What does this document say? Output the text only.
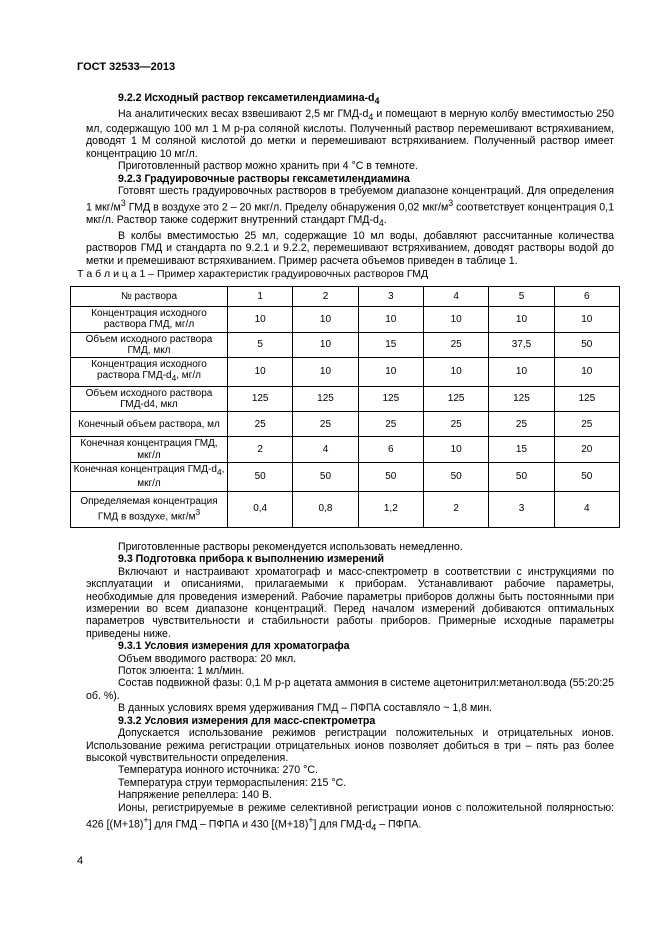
ГОСТ 32533—2013

9.2.2 Исходный раствор гексаметилендиамина-$d_4$

На аналитических весах взвешивают 2,5 мг ГМД-$d_4$ и помещают в мерную колбу вместимостью 250 мл, содержащую 100 мл 1 М р-ра соляной кислоты. Полученный раствор перемешивают встряхиванием, доводят 1 М соляной кислотой до метки и перемешивают встряхиванием. Полученный раствор имеет концентрацию 10 мг/л.

Приготовленный раствор можно хранить при 4 °С в темноте.

9.2.3 Градуировочные растворы гексаметилендиамина

Готовят шесть градуировочных растворов в требуемом диапазоне концентраций. Для определения 1 мкг/$м^3$ ГМД в воздухе это 2 – 20 мкг/л. Пределу обнаружения 0,02 мкг/$м^3$ соответствует концентрация 0,1 мкг/л. Раствор также содержит внутренний стандарт ГМД-$d_4$.

В колбы вместимостью 25 мл, содержащие 10 мл воды, добавляют рассчитанные количества растворов ГМД и стандарта по 9.2.1 и 9.2.2, перемешивают встряхиванием, доводят растворы водой до метки и премешивают встряхиванием. Пример расчета объемов приведен в таблице 1.

Т а б л и ц а 1 – Пример характеристик градуировочных растворов ГМД
№ раствора	1	2	3	4	5	6
Концентрация исходного раствора ГМД, мг/л	10	10	10	10	10	10
Объем исходного раствора ГМД, мкл	5	10	15	25	37,5	50
Концентрация исходного раствора ГМД-$d_4$, мг/л	10	10	10	10	10	10
Объем исходного раствора ГМД-d4, мкл	125	125	125	125	125	125
Конечный объем раствора, мл	25	25	25	25	25	25
Конечная концентрация ГМД, мкг/л	2	4	6	10	15	20
Конечная концентрация ГМД-$d_4$, мкг/л	50	50	50	50	50	50
Определяемая концентрация ГМД в воздухе, мкг/$м^3$	0,4	0,8	1,2	2	3	4

Приготовленные растворы рекомендуется использовать немедленно.

9.3 Подготовка прибора к выполнению измерений

Включают и настраивают хроматограф и масс-спектрометр в соответствии с инструкциями по эксплуатации и описаниями, прилагаемыми к приборам. Устанавливают рабочие параметры, необходимые для проведения измерений. Рабочие параметры приборов должны быть постоянными при измерении во всем диапазоне концентраций. Перед началом измерений добиваются оптимальных параметров чувствительности и стабильности работы приборов. Примерные исходные параметры приведены ниже.

9.3.1 Условия измерения для хроматографа

Объем вводимого раствора: 20 мкл.

Поток элюента: 1 мл/мин.

Состав подвижной фазы: 0,1 М р-р ацетата аммония в системе ацетонитрил:метанол:вода (55:20:25 об. %).

В данных условиях время удерживания ГМД – ПФПА составляло ~ 1,8 мин.

9.3.2 Условия измерения для масс-спектрометра

Допускается использование режимов регистрации положительных и отрицательных ионов. Использование режима регистрации отрицательных ионов позволяет добиться в три – пять раз более высокой чувствительности определения.

Температура ионного источника: 270 °С.

Температура струи термораспыления: 215 °С.

Напряжение репеллера: 140 В.

Ионы, регистрируемые в режиме селективной регистрации ионов с положительной полярностью: 426 [(M+18)+] для ГМД – ПФПА и 430 [(M+18)+] для ГМД-$d_4$ – ПФПА.

4
